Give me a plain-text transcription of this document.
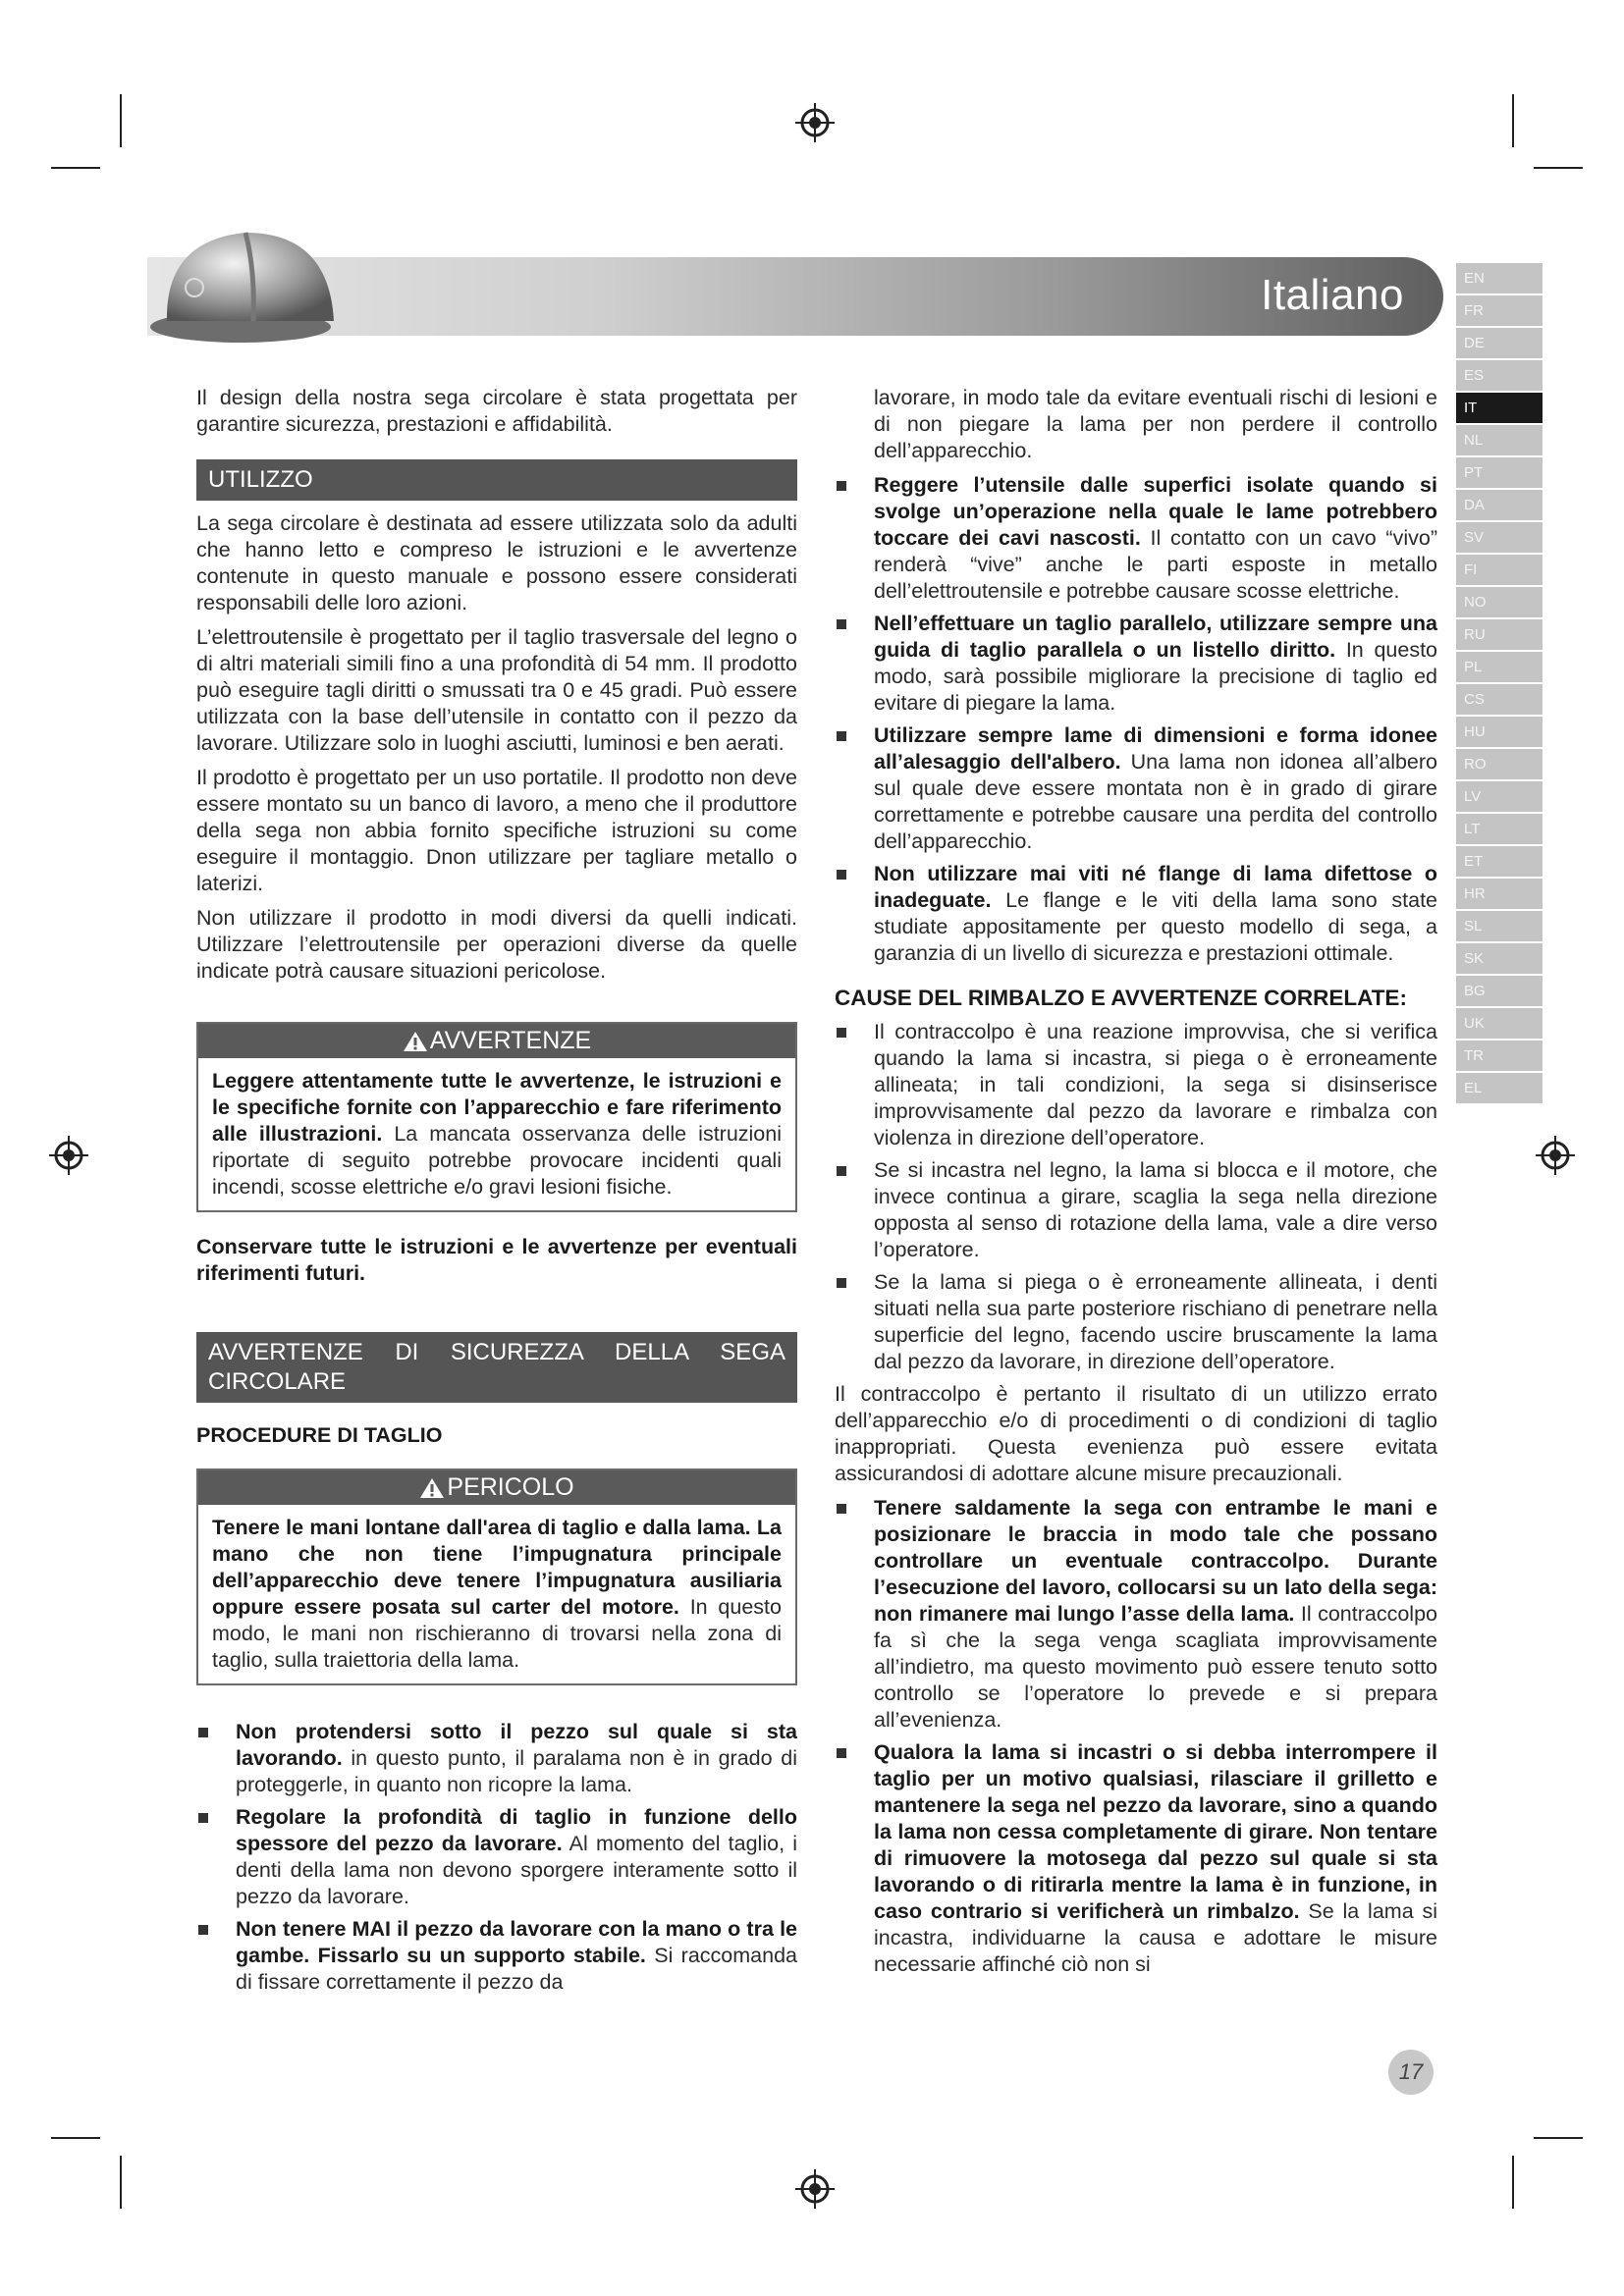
Italiano	EN
FR
DE
ES
IT
NL
PT
DA
SV
FI
NO
RU
PL
CS
HU
RO
LV
LT
ET
HR
SL
SK
BG
UK
TR
EL

Il design della nostra sega circolare è stata progettata per garantire sicurezza, prestazioni e affidabilità.

UTILIZZO

La sega circolare è destinata ad essere utilizzata solo da adulti che hanno letto e compreso le istruzioni e le avvertenze contenute in questo manuale e possono essere considerati responsabili delle loro azioni.

L’elettroutensile è progettato per il taglio trasversale del legno o di altri materiali simili fino a una profondità di 54 mm. Il prodotto può eseguire tagli diritti o smussati tra 0 e 45 gradi. Può essere utilizzata con la base dell’utensile in contatto con il pezzo da lavorare. Utilizzare solo in luoghi asciutti, luminosi e ben aerati.

Il prodotto è progettato per un uso portatile. Il prodotto non deve essere montato su un banco di lavoro, a meno che il produttore della sega non abbia fornito specifiche istruzioni su come eseguire il montaggio. Dnon utilizzare per tagliare metallo o laterizi.

Non utilizzare il prodotto in modi diversi da quelli indicati. Utilizzare l’elettroutensile per operazioni diverse da quelle indicate potrà causare situazioni pericolose.

AVVERTENZE
Leggere attentamente tutte le avvertenze, le istruzioni e le specifiche fornite con l’apparecchio e fare riferimento alle illustrazioni. La mancata osservanza delle istruzioni riportate di seguito potrebbe provocare incidenti quali incendi, scosse elettriche e/o gravi lesioni fisiche.

Conservare tutte le istruzioni e le avvertenze per eventuali riferimenti futuri.

AVVERTENZE DI SICUREZZA DELLA SEGA CIRCOLARE
PROCEDURE DI TAGLIO
PERICOLO
Tenere le mani lontane dall'area di taglio e dalla lama. La mano che non tiene l’impugnatura principale dell’apparecchio deve tenere l’impugnatura ausiliaria oppure essere posata sul carter del motore. In questo modo, le mani non rischieranno di trovarsi nella zona di taglio, sulla traiettoria della lama.
Non protendersi sotto il pezzo sul quale si sta lavorando. in questo punto, il paralama non è in grado di proteggerle, in quanto non ricopre la lama.
Regolare la profondità di taglio in funzione dello spessore del pezzo da lavorare. Al momento del taglio, i denti della lama non devono sporgere interamente sotto il pezzo da lavorare.
Non tenere MAI il pezzo da lavorare con la mano o tra le gambe. Fissarlo su un supporto stabile. Si raccomanda di fissare correttamente il pezzo da

lavorare, in modo tale da evitare eventuali rischi di lesioni e di non piegare la lama per non perdere il controllo dell’apparecchio.

Reggere l’utensile dalle superfici isolate quando si svolge un’operazione nella quale le lame potrebbero toccare dei cavi nascosti. Il contatto con un cavo “vivo” renderà “vive” anche le parti esposte in metallo dell’elettroutensile e potrebbe causare scosse elettriche.
Nell’effettuare un taglio parallelo, utilizzare sempre una guida di taglio parallela o un listello diritto. In questo modo, sarà possibile migliorare la precisione di taglio ed evitare di piegare la lama.
Utilizzare sempre lame di dimensioni e forma idonee all’alesaggio dell'albero. Una lama non idonea all’albero sul quale deve essere montata non è in grado di girare correttamente e potrebbe causare una perdita del controllo dell’apparecchio.
Non utilizzare mai viti né flange di lama difettose o inadeguate. Le flange e le viti della lama sono state studiate appositamente per questo modello di sega, a garanzia di un livello di sicurezza e prestazioni ottimale.
CAUSE DEL RIMBALZO E AVVERTENZE CORRELATE:
Il contraccolpo è una reazione improvvisa, che si verifica quando la lama si incastra, si piega o è erroneamente allineata; in tali condizioni, la sega si disinserisce improvvisamente dal pezzo da lavorare e rimbalza con violenza in direzione dell’operatore.
Se si incastra nel legno, la lama si blocca e il motore, che invece continua a girare, scaglia la sega nella direzione opposta al senso di rotazione della lama, vale a dire verso l’operatore.
Se la lama si piega o è erroneamente allineata, i denti situati nella sua parte posteriore rischiano di penetrare nella superficie del legno, facendo uscire bruscamente la lama dal pezzo da lavorare, in direzione dell’operatore.

Il contraccolpo è pertanto il risultato di un utilizzo errato dell’apparecchio e/o di procedimenti o di condizioni di taglio inappropriati. Questa evenienza può essere evitata assicurandosi di adottare alcune misure precauzionali.

Tenere saldamente la sega con entrambe le mani e posizionare le braccia in modo tale che possano controllare un eventuale contraccolpo. Durante l’esecuzione del lavoro, collocarsi su un lato della sega: non rimanere mai lungo l’asse della lama. Il contraccolpo fa sì che la sega venga scagliata improvvisamente all’indietro, ma questo movimento può essere tenuto sotto controllo se l’operatore lo prevede e si prepara all’evenienza.
Qualora la lama si incastri o si debba interrompere il taglio per un motivo qualsiasi, rilasciare il grilletto e mantenere la sega nel pezzo da lavorare, sino a quando la lama non cessa completamente di girare. Non tentare di rimuovere la motosega dal pezzo sul quale si sta lavorando o di ritirarla mentre la lama è in funzione, in caso contrario si verificherà un rimbalzo. Se la lama si incastra, individuarne la causa e adottare le misure necessarie affinché ciò non si
17
